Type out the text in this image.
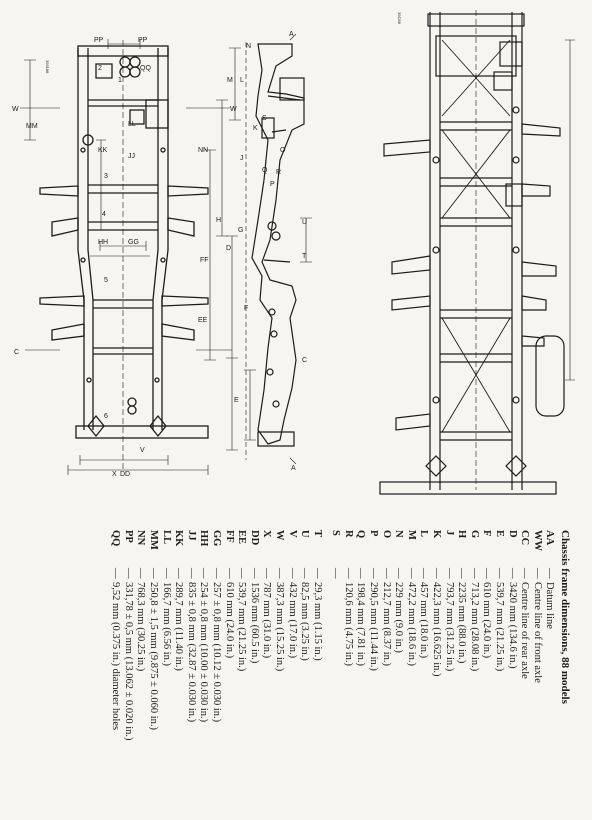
A
A
N
M L
K
J
H
G
F
E
D
C
U
T
S
R
Q
P
O
W	W
C
MM
KK
JJ
LL
NN
HH	GG
FF
EE
X DD
V
PP	PP
QQ
2
1
3
4
5
6
395188
39C88
Chassis frame dimensions, 88 models
AA
—
Datum line
WW
—
Centre line of front axle
CC
—
Centre line of rear axle
D
—
3420 mm (134.6 in.)
E
—
539,7 mm (21.25 in.)
F
—
610 mm (24.0 in.)
G
—
713,2 mm (28.08 in.)
H
—
2235 mm (88.0 in.)
J
—
793,7 mm (31.25 in.)
K
—
422,3 mm (16.625 in.)
L
—
457 mm (18.0 in.)
M
—
472,2 mm (18.6 in.)
N
—
229 mm (9.0 in.)
O
—
212,7 mm (8.37 in.)
P
—
290,5 mm (11.44 in.)
Q
—
198,4 mm (7.81 in.)
R
—
120,6 mm (4.75 in.)
S
—
T
—
29,3 mm (1.15 in.)
U
—
82,5 mm (3.25 in.)
V
—
432 mm (17.0 in.)
W
—
387,3 mm (15.25 in.)
X
—
787 mm (31.0 in.)
DD
—
1536 mm (60.5 in.)
EE
—
539,7 mm (21.25 in.)
FF
—
610 mm (24.0 in.)
GG
—
257 ± 0,8 mm (10.12 ± 0.030 in.)
HH
—
254 ± 0,8 mm (10.00 ± 0.030 in.)
JJ
—
835 ± 0,8 mm (32.87 ± 0.030 in.)
KK
—
289,7 mm (11.40 in.)
LL
—
166,7 mm (6.56 in.)
MM
—
250,8 ± 1,5 mm (9.875 ± 0.060 in.)
NN
—
768,3 mm (30.25 in.)
PP
—
331,78 ± 0,5 mm (13.062 ± 0.020 in.)
QQ
—
9,52 mm (0.375 in.) diameter holes
